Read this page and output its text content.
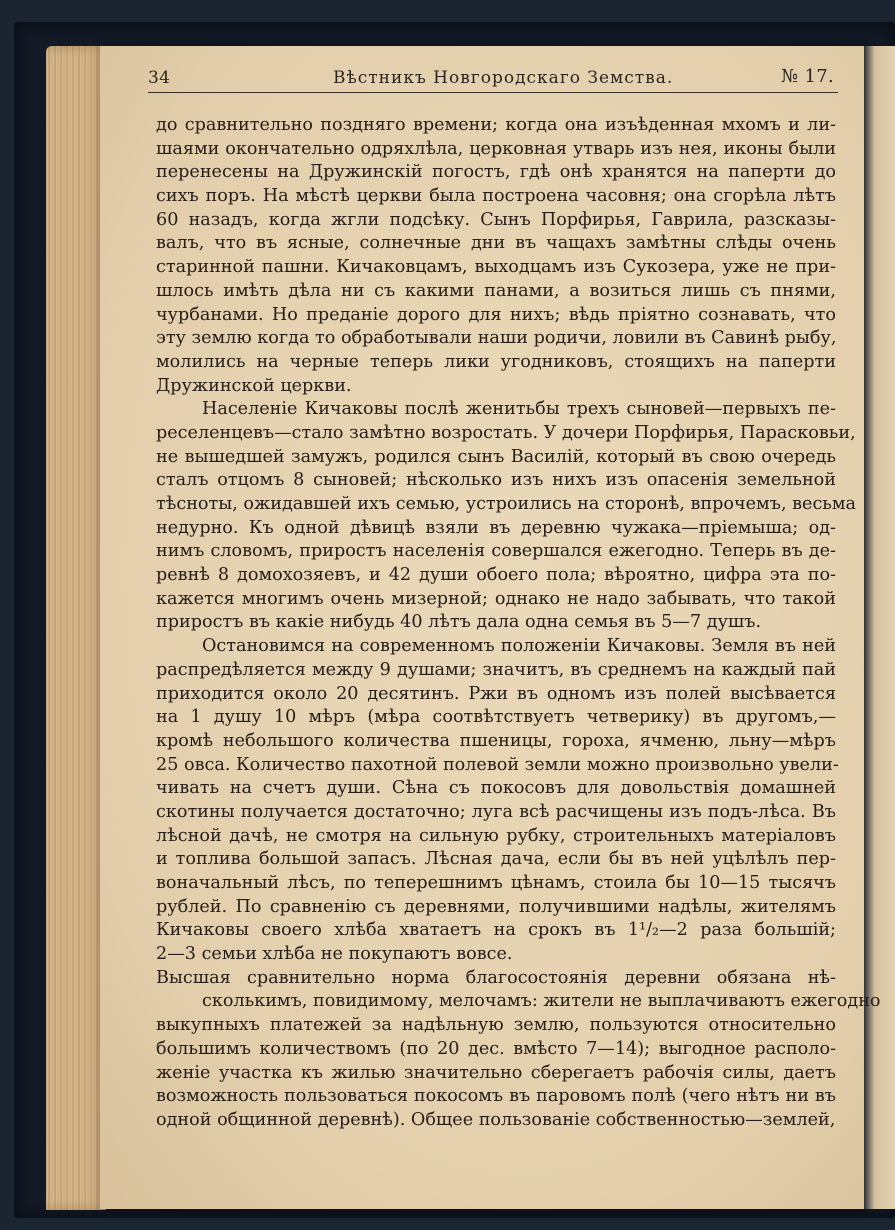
34	Вѣстникъ Новгородскаго Земства.	№ 17.
до сравнительно поздняго времени; когда она изъѣденная мхомъ и ли-
шаями окончательно одряхлѣла, церковная утварь изъ нея, иконы были
перенесены на Дружинскій погостъ, гдѣ онѣ хранятся на паперти до
сихъ поръ. На мѣстѣ церкви была построена часовня; она сгорѣла лѣтъ
60 назадъ, когда жгли подсѣку. Сынъ Порфирья, Гаврила, разсказы-
валъ, что въ ясные, солнечные дни въ чащахъ замѣтны слѣды очень
старинной пашни. Кичаковцамъ, выходцамъ изъ Сукозера, уже не при-
шлось имѣть дѣла ни съ какими панами, а возиться лишь съ пнями,
чурбанами. Но преданіе дорого для нихъ; вѣдь пріятно сознавать, что
эту землю когда то обработывали наши родичи, ловили въ Савинѣ рыбу,
молились на черные теперь лики угодниковъ, стоящихъ на паперти
Дружинской церкви.
Населеніе Кичаковы послѣ женитьбы трехъ сыновей—первыхъ пе-
реселенцевъ—стало замѣтно возростать. У дочери Порфирья, Парасковьи,
не вышедшей замужъ, родился сынъ Василій, который въ свою очередь
сталъ отцомъ 8 сыновей; нѣсколько изъ нихъ изъ опасенія земельной
тѣсноты, ожидавшей ихъ семью, устроились на сторонѣ, впрочемъ, весьма
недурно. Къ одной дѣвицѣ взяли въ деревню чужака—пріемыша; од-
нимъ словомъ, приростъ населенія совершался ежегодно. Теперь въ де-
ревнѣ 8 домохозяевъ, и 42 души обоего пола; вѣроятно, цифра эта по-
кажется многимъ очень мизерной; однако не надо забывать, что такой
приростъ въ какіе нибудь 40 лѣтъ дала одна семья въ 5—7 душъ.
Остановимся на современномъ положеніи Кичаковы. Земля въ ней
распредѣляется между 9 душами; значитъ, въ среднемъ на каждый пай
приходится около 20 десятинъ. Ржи въ одномъ изъ полей высѣвается
на 1 душу 10 мѣръ (мѣра соотвѣтствуетъ четверику) въ другомъ,—
кромѣ небольшого количества пшеницы, гороха, ячменю, льну—мѣръ
25 овса. Количество пахотной полевой земли можно произвольно увели-
чивать на счетъ души. Сѣна съ покосовъ для довольствія домашней
скотины получается достаточно; луга всѣ расчищены изъ подъ-лѣса. Въ
лѣсной дачѣ, не смотря на сильную рубку, строительныхъ матеріаловъ
и топлива большой запасъ. Лѣсная дача, если бы въ ней уцѣлѣлъ пер-
воначальный лѣсъ, по теперешнимъ цѣнамъ, стоила бы 10—15 тысячъ
рублей. По сравненію съ деревнями, получившими надѣлы, жителямъ
Кичаковы своего хлѣба хватаетъ на срокъ въ 1¹/₂—2 раза большій;
2—3 семьи хлѣба не покупаютъ вовсе.
Высшая сравнительно норма благосостоянія деревни обязана нѣ-
сколькимъ, повидимому, мелочамъ: жители не выплачиваютъ ежегодно
выкупныхъ платежей за надѣльную землю, пользуются относительно
большимъ количествомъ (по 20 дес. вмѣсто 7—14); выгодное располо-
женіе участка къ жилью значительно сберегаетъ рабочія силы, даетъ
возможность пользоваться покосомъ въ паровомъ полѣ (чего нѣтъ ни въ
одной общинной деревнѣ). Общее пользованіе собственностью—землей,
